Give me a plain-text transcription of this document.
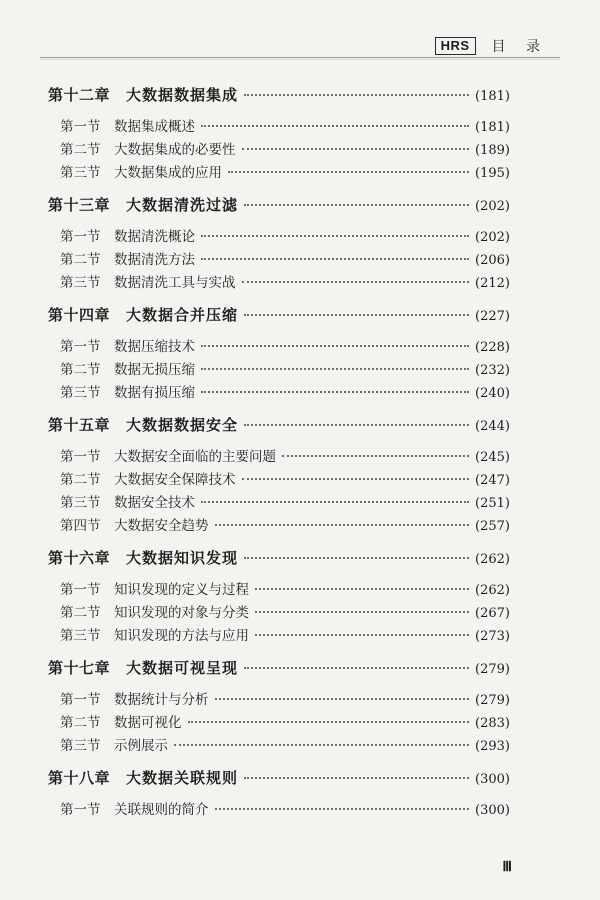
HRS	目 录
第十二章	大数据数据集成	(181)
第一节	数据集成概述	(181)
第二节	大数据集成的必要性	(189)
第三节	大数据集成的应用	(195)
第十三章	大数据清洗过滤	(202)
第一节	数据清洗概论	(202)
第二节	数据清洗方法	(206)
第三节	数据清洗工具与实战	(212)
第十四章	大数据合并压缩	(227)
第一节	数据压缩技术	(228)
第二节	数据无损压缩	(232)
第三节	数据有损压缩	(240)
第十五章	大数据数据安全	(244)
第一节	大数据安全面临的主要问题	(245)
第二节	大数据安全保障技术	(247)
第三节	数据安全技术	(251)
第四节	大数据安全趋势	(257)
第十六章	大数据知识发现	(262)
第一节	知识发现的定义与过程	(262)
第二节	知识发现的对象与分类	(267)
第三节	知识发现的方法与应用	(273)
第十七章	大数据可视呈现	(279)
第一节	数据统计与分析	(279)
第二节	数据可视化	(283)
第三节	示例展示	(293)
第十八章	大数据关联规则	(300)
第一节	关联规则的简介	(300)
Ⅲ
